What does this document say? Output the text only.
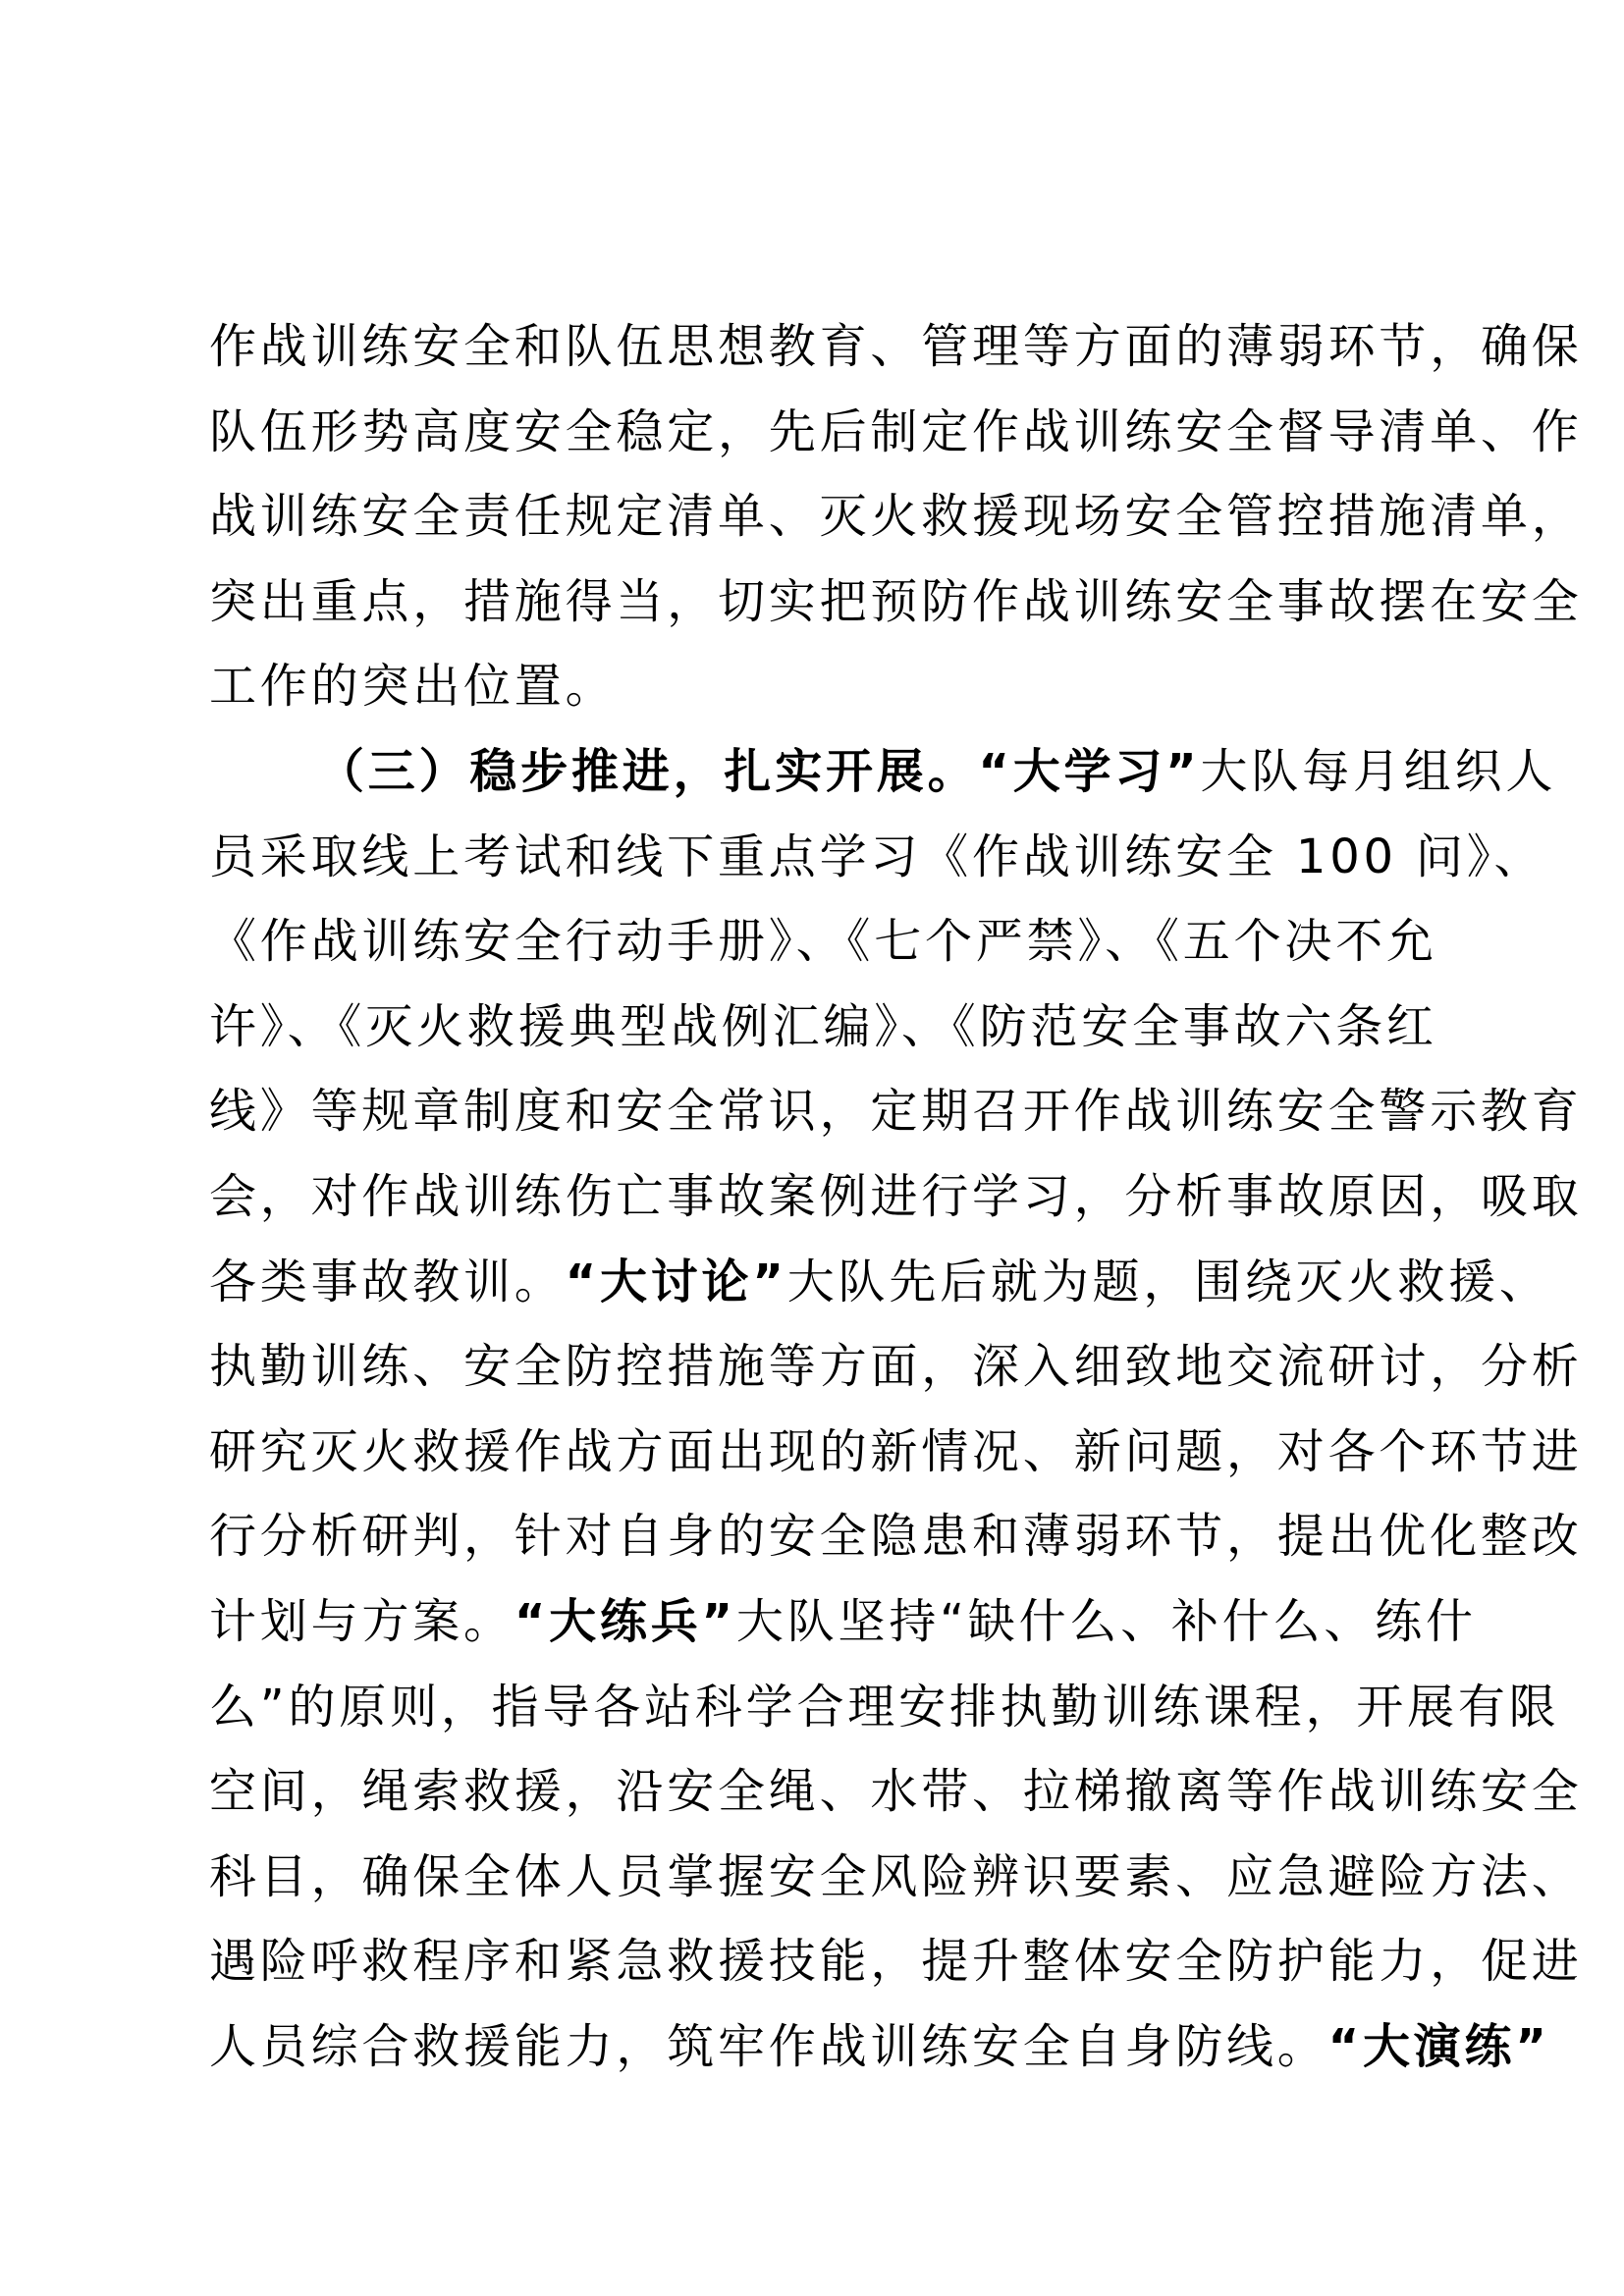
作战训练安全和队伍思想教育、管理等方面的薄弱环节，确保
队伍形势高度安全稳定，先后制定作战训练安全督导清单、作
战训练安全责任规定清单、灭火救援现场安全管控措施清单，
突出重点，措施得当，切实把预防作战训练安全事故摆在安全
工作的突出位置。
（三）稳步推进，扎实开展。“大学习”大队每月组织人
员采取线上考试和线下重点学习《作战训练安全 100 问》、
《作战训练安全行动手册》、《七个严禁》、《五个决不允
许》、《灭火救援典型战例汇编》、《防范安全事故六条红
线》等规章制度和安全常识，定期召开作战训练安全警示教育
会，对作战训练伤亡事故案例进行学习，分析事故原因，吸取
各类事故教训。“大讨论”大队先后就为题，围绕灭火救援、
执勤训练、安全防控措施等方面，深入细致地交流研讨，分析
研究灭火救援作战方面出现的新情况、新问题，对各个环节进
行分析研判，针对自身的安全隐患和薄弱环节，提出优化整改
计划与方案。“大练兵”大队坚持“缺什么、补什么、练什
么”的原则，指导各站科学合理安排执勤训练课程，开展有限
空间，绳索救援，沿安全绳、水带、拉梯撤离等作战训练安全
科目，确保全体人员掌握安全风险辨识要素、应急避险方法、
遇险呼救程序和紧急救援技能，提升整体安全防护能力，促进
人员综合救援能力，筑牢作战训练安全自身防线。“大演练”
